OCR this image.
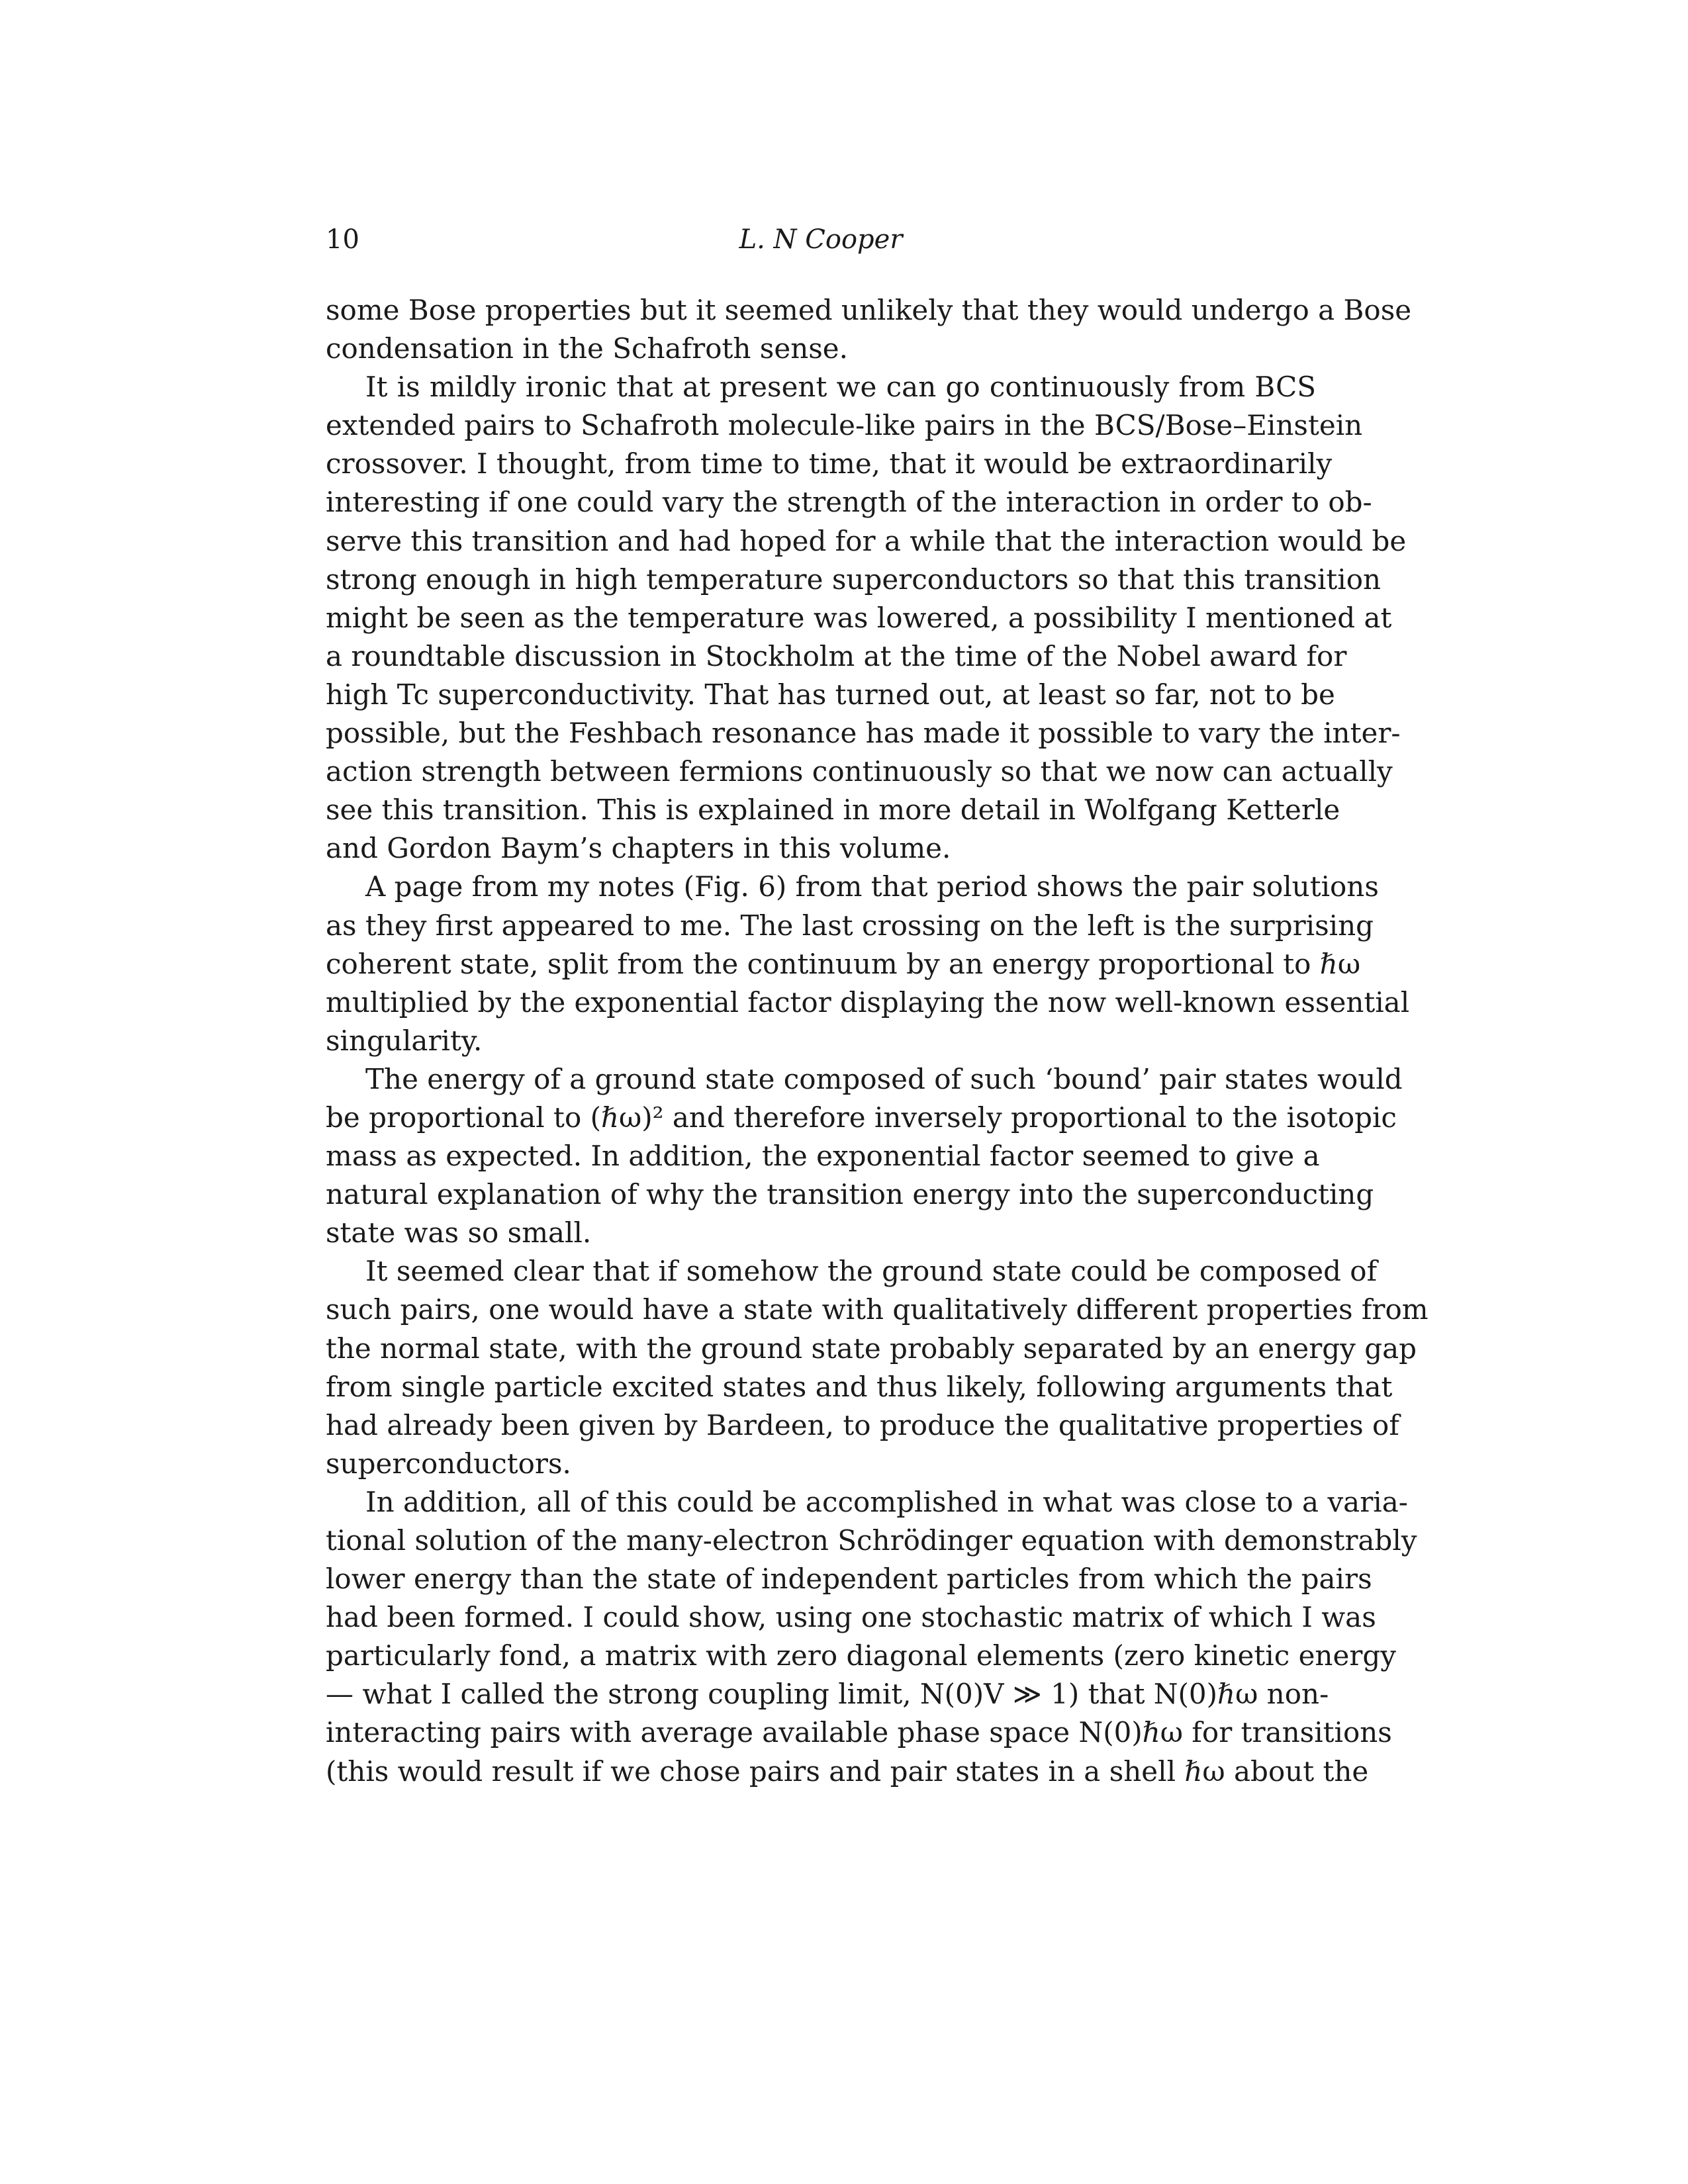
10	L. N Cooper
some Bose properties but it seemed unlikely that they would undergo a Bose
condensation in the Schafroth sense.
It is mildly ironic that at present we can go continuously from BCS
extended pairs to Schafroth molecule-like pairs in the BCS/Bose–Einstein
crossover. I thought, from time to time, that it would be extraordinarily
interesting if one could vary the strength of the interaction in order to ob-
serve this transition and had hoped for a while that the interaction would be
strong enough in high temperature superconductors so that this transition
might be seen as the temperature was lowered, a possibility I mentioned at
a roundtable discussion in Stockholm at the time of the Nobel award for
high Tc superconductivity. That has turned out, at least so far, not to be
possible, but the Feshbach resonance has made it possible to vary the inter-
action strength between fermions continuously so that we now can actually
see this transition. This is explained in more detail in Wolfgang Ketterle
and Gordon Baym’s chapters in this volume.
A page from my notes (Fig. 6) from that period shows the pair solutions
as they first appeared to me. The last crossing on the left is the surprising
coherent state, split from the continuum by an energy proportional to ℏω
multiplied by the exponential factor displaying the now well-known essential
singularity.
The energy of a ground state composed of such ‘bound’ pair states would
be proportional to (ℏω)² and therefore inversely proportional to the isotopic
mass as expected. In addition, the exponential factor seemed to give a
natural explanation of why the transition energy into the superconducting
state was so small.
It seemed clear that if somehow the ground state could be composed of
such pairs, one would have a state with qualitatively different properties from
the normal state, with the ground state probably separated by an energy gap
from single particle excited states and thus likely, following arguments that
had already been given by Bardeen, to produce the qualitative properties of
superconductors.
In addition, all of this could be accomplished in what was close to a varia-
tional solution of the many-electron Schrödinger equation with demonstrably
lower energy than the state of independent particles from which the pairs
had been formed. I could show, using one stochastic matrix of which I was
particularly fond, a matrix with zero diagonal elements (zero kinetic energy
— what I called the strong coupling limit, N(0)V ≫ 1) that N(0)ℏω non-
interacting pairs with average available phase space N(0)ℏω for transitions
(this would result if we chose pairs and pair states in a shell ℏω about the
